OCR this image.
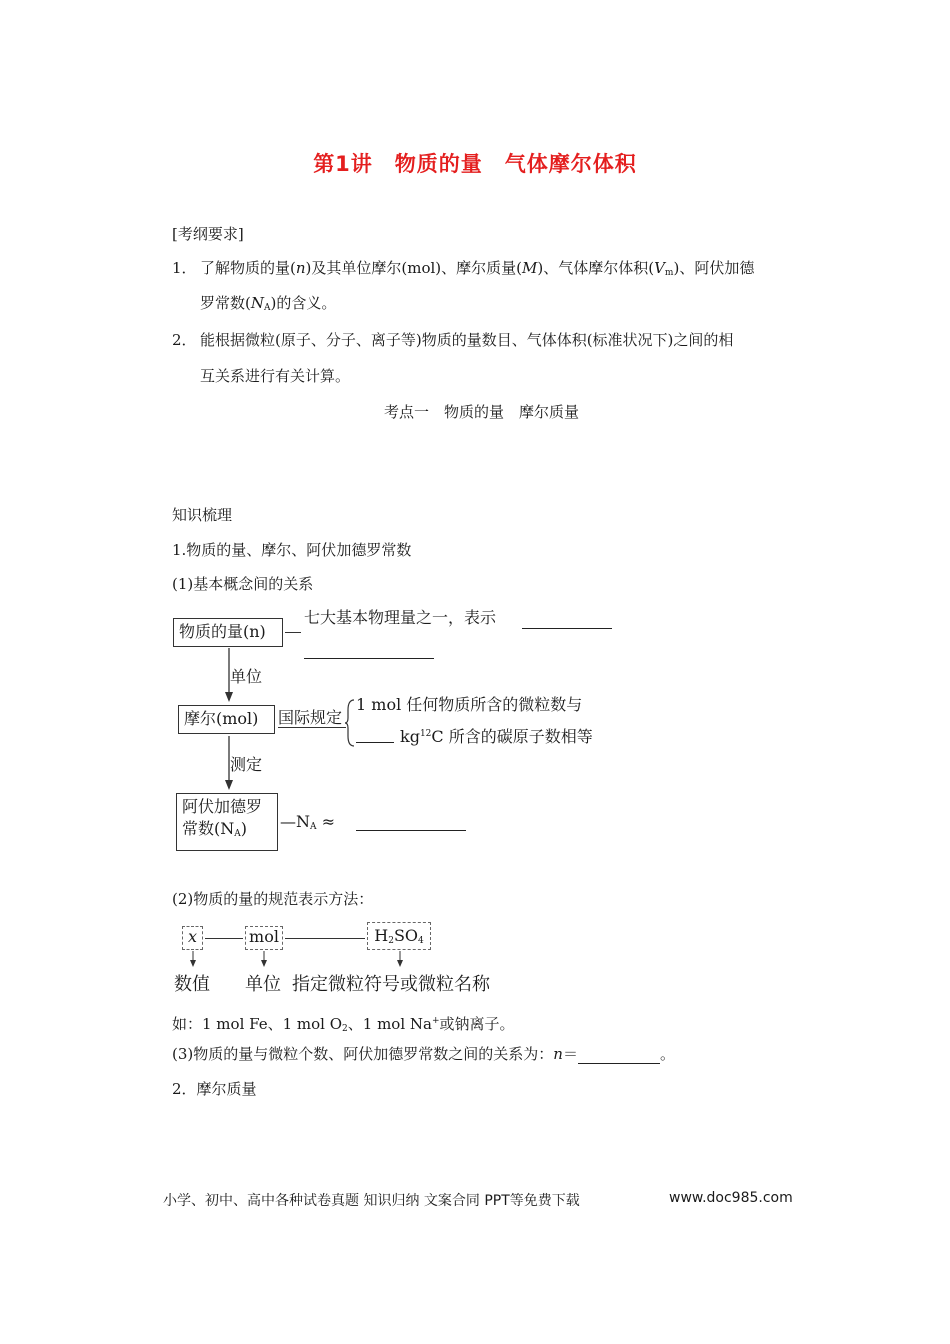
第1讲　物质的量　气体摩尔体积
[考纲要求]
1． 了解物质的量(n)及其单位摩尔(mol)、摩尔质量(M)、气体摩尔体积$(V_m)$、阿伏加德
罗常数$(N_A)$的含义。
2． 能根据微粒(原子、分子、离子等)物质的量数目、气体体积(标准状况下)之间的相
互关系进行有关计算。
考点一　物质的量　摩尔质量
知识梳理
1.物质的量、摩尔、阿伏加德罗常数
(1)基本概念间的关系
物质的量(n)
七大基本物理量之一，表示
单位
摩尔(mol)	国际规定
1 mol 任何物质所含的微粒数与
$kg^{12}C$ 所含的碳原子数相等
测定
阿伏加德罗
常数$(N_A)$	$—N_A$ ≈
(2)物质的量的规范表示方法：
x	mol	$H_2SO_4$
数值 单位 指定微粒符号或微粒名称
如：1 mol Fe、1 mol $O_2$、1 mol Na+或钠离子。
(3)物质的量与微粒个数、阿伏加德罗常数之间的关系为：n＝	。
2．摩尔质量
小学、初中、高中各种试卷真题 知识归纳 文案合同 PPT等免费下载	www.doc985.com
